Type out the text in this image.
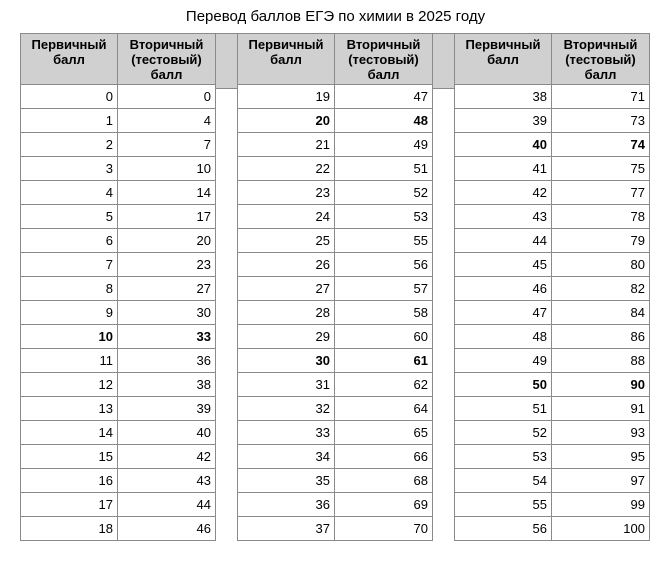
Перевод баллов ЕГЭ по химии в 2025 году
Первичный балл	Вторичный (тестовый) балл
0	0
1	4
2	7
3	10
4	14
5	17
6	20
7	23
8	27
9	30
10	33
11	36
12	38
13	39
14	40
15	42
16	43
17	44
18	46
Первичный балл	Вторичный (тестовый) балл
19	47
20	48
21	49
22	51
23	52
24	53
25	55
26	56
27	57
28	58
29	60
30	61
31	62
32	64
33	65
34	66
35	68
36	69
37	70
Первичный балл	Вторичный (тестовый) балл
38	71
39	73
40	74
41	75
42	77
43	78
44	79
45	80
46	82
47	84
48	86
49	88
50	90
51	91
52	93
53	95
54	97
55	99
56	100
